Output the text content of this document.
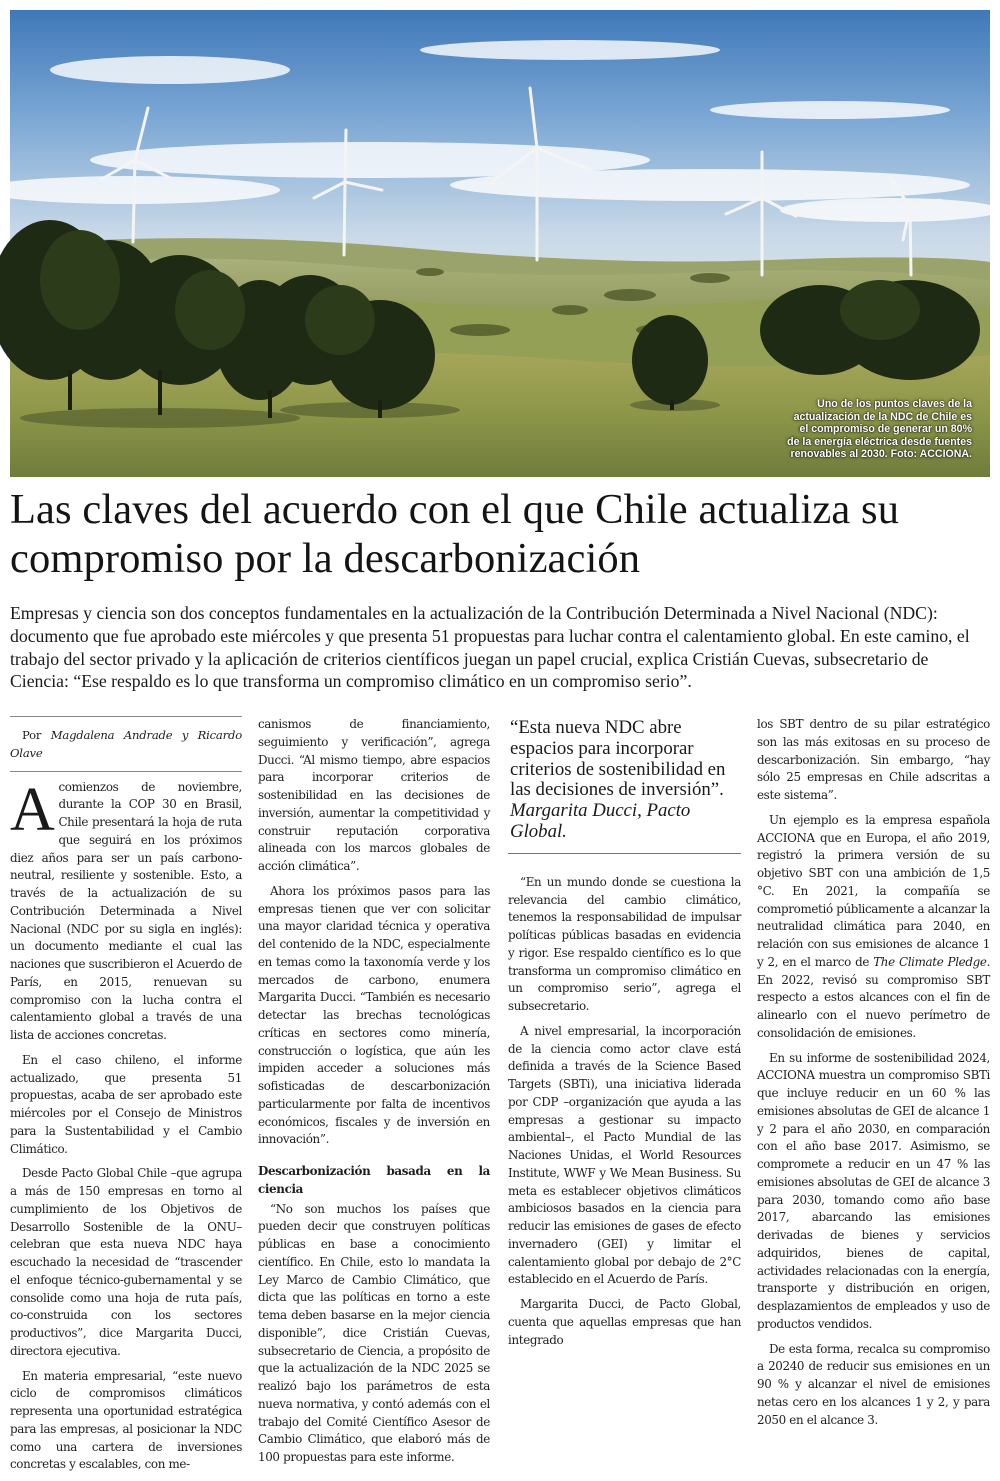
Uno de los puntos claves de la actualización de la NDC de Chile es el compromiso de generar un 80% de la energía eléctrica desde fuentes renovables al 2030. Foto: ACCIONA.
Las claves del acuerdo con el que Chile actualiza su compromiso por la descarbonización
Empresas y ciencia son dos conceptos fundamentales en la actualización de la Contribución Determinada a Nivel Nacional (NDC): documento que fue aprobado este miércoles y que presenta 51 propuestas para luchar contra el calentamiento global. En este camino, el trabajo del sector privado y la aplicación de criterios científicos juegan un papel crucial, explica Cristián Cuevas, subsecretario de Ciencia: “Ese respaldo es lo que transforma un compromiso climático en un compromiso serio”.

Por Magdalena Andrade y Ricardo Olave

A comienzos de noviembre, durante la COP 30 en Brasil, Chile presentará la hoja de ruta que seguirá en los próximos diez años para ser un país carbono-neutral, resiliente y sostenible. Esto, a través de la actualización de su Contribución Determinada a Nivel Nacional (NDC por su sigla en inglés): un documento mediante el cual las naciones que suscribieron el Acuerdo de París, en 2015, renuevan su compromiso con la lucha contra el calentamiento global a través de una lista de acciones concretas.

En el caso chileno, el informe actualizado, que presenta 51 propuestas, acaba de ser aprobado este miércoles por el Consejo de Ministros para la Sustentabilidad y el Cambio Climático.

Desde Pacto Global Chile –que agrupa a más de 150 empresas en torno al cumplimiento de los Objetivos de Desarrollo Sostenible de la ONU– celebran que esta nueva NDC haya escuchado la necesidad de “trascender el enfoque técnico-gubernamental y se consolide como una hoja de ruta país, co-construida con los sectores productivos”, dice Margarita Ducci, directora ejecutiva.

En materia empresarial, “este nuevo ciclo de compromisos climáticos representa una oportunidad estratégica para las empresas, al posicionar la NDC como una cartera de inversiones concretas y escalables, con me-

canismos de financiamiento, seguimiento y verificación”, agrega Ducci. “Al mismo tiempo, abre espacios para incorporar criterios de sostenibilidad en las decisiones de inversión, aumentar la competitividad y construir reputación corporativa alineada con los marcos globales de acción climática”.

Ahora los próximos pasos para las empresas tienen que ver con solicitar una mayor claridad técnica y operativa del contenido de la NDC, especialmente en temas como la taxonomía verde y los mercados de carbono, enumera Margarita Ducci. “También es necesario detectar las brechas tecnológicas críticas en sectores como minería, construcción o logística, que aún les impiden acceder a soluciones más sofisticadas de descarbonización particularmente por falta de incentivos económicos, fiscales y de inversión en innovación”.

Descarbonización basada en la ciencia

“No son muchos los países que pueden decir que construyen políticas públicas en base a conocimiento científico. En Chile, esto lo mandata la Ley Marco de Cambio Climático, que dicta que las políticas en torno a este tema deben basarse en la mejor ciencia disponible”, dice Cristián Cuevas, subsecretario de Ciencia, a propósito de que la actualización de la NDC 2025 se realizó bajo los parámetros de esta nueva normativa, y contó además con el trabajo del Comité Científico Asesor de Cambio Climático, que elaboró más de 100 propuestas para este informe.

“Esta nueva NDC abre espacios para incorporar criterios de sostenibilidad en las decisiones de inversión”.
Margarita Ducci, Pacto Global.

“En un mundo donde se cuestiona la relevancia del cambio climático, tenemos la responsabilidad de impulsar políticas públicas basadas en evidencia y rigor. Ese respaldo científico es lo que transforma un compromiso climático en un compromiso serio”, agrega el subsecretario.

A nivel empresarial, la incorporación de la ciencia como actor clave está definida a través de la Science Based Targets (SBTi), una iniciativa liderada por CDP –organización que ayuda a las empresas a gestionar su impacto ambiental–, el Pacto Mundial de las Naciones Unidas, el World Resources Institute, WWF y We Mean Business. Su meta es establecer objetivos climáticos ambiciosos basados en la ciencia para reducir las emisiones de gases de efecto invernadero (GEI) y limitar el calentamiento global por debajo de 2°C establecido en el Acuerdo de París.

Margarita Ducci, de Pacto Global, cuenta que aquellas empresas que han integrado

los SBT dentro de su pilar estratégico son las más exitosas en su proceso de descarbonización. Sin embargo, “hay sólo 25 empresas en Chile adscritas a este sistema”.

Un ejemplo es la empresa española ACCIONA que en Europa, el año 2019, registró la primera versión de su objetivo SBT con una ambición de 1,5 °C. En 2021, la compañía se comprometió públicamente a alcanzar la neutralidad climática para 2040, en relación con sus emisiones de alcance 1 y 2, en el marco de The Climate Pledge. En 2022, revisó su compromiso SBT respecto a estos alcances con el fin de alinearlo con el nuevo perímetro de consolidación de emisiones.

En su informe de sostenibilidad 2024, ACCIONA muestra un compromiso SBTi que incluye reducir en un 60 % las emisiones absolutas de GEI de alcance 1 y 2 para el año 2030, en comparación con el año base 2017. Asimismo, se compromete a reducir en un 47 % las emisiones absolutas de GEI de alcance 3 para 2030, tomando como año base 2017, abarcando las emisiones derivadas de bienes y servicios adquiridos, bienes de capital, actividades relacionadas con la energía, transporte y distribución en origen, desplazamientos de empleados y uso de productos vendidos.

De esta forma, recalca su compromiso a 20240 de reducir sus emisiones en un 90 % y alcanzar el nivel de emisiones netas cero en los alcances 1 y 2, y para 2050 en el alcance 3.
